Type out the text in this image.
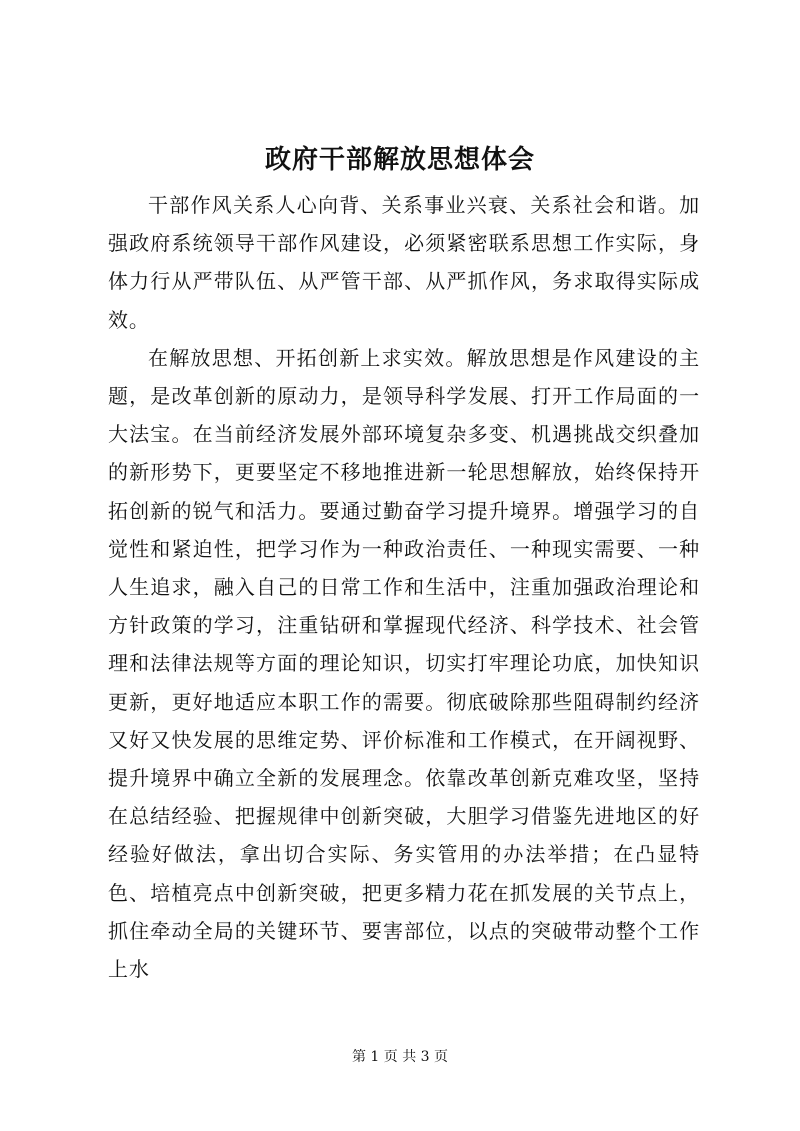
政府干部解放思想体会

干部作风关系人心向背、关系事业兴衰、关系社会和谐。加强政府系统领导干部作风建设，必须紧密联系思想工作实际，身体力行从严带队伍、从严管干部、从严抓作风，务求取得实际成效。

在解放思想、开拓创新上求实效。解放思想是作风建设的主题，是改革创新的原动力，是领导科学发展、打开工作局面的一大法宝。在当前经济发展外部环境复杂多变、机遇挑战交织叠加的新形势下，更要坚定不移地推进新一轮思想解放，始终保持开拓创新的锐气和活力。要通过勤奋学习提升境界。增强学习的自觉性和紧迫性，把学习作为一种政治责任、一种现实需要、一种人生追求，融入自己的日常工作和生活中，注重加强政治理论和方针政策的学习，注重钻研和掌握现代经济、科学技术、社会管理和法律法规等方面的理论知识，切实打牢理论功底，加快知识更新，更好地适应本职工作的需要。彻底破除那些阻碍制约经济又好又快发展的思维定势、评价标准和工作模式，在开阔视野、提升境界中确立全新的发展理念。依靠改革创新克难攻坚，坚持在总结经验、把握规律中创新突破，大胆学习借鉴先进地区的好经验好做法，拿出切合实际、务实管用的办法举措；在凸显特色、培植亮点中创新突破，把更多精力花在抓发展的关节点上，抓住牵动全局的关键环节、要害部位，以点的突破带动整个工作上水

第 1 页 共 3 页
